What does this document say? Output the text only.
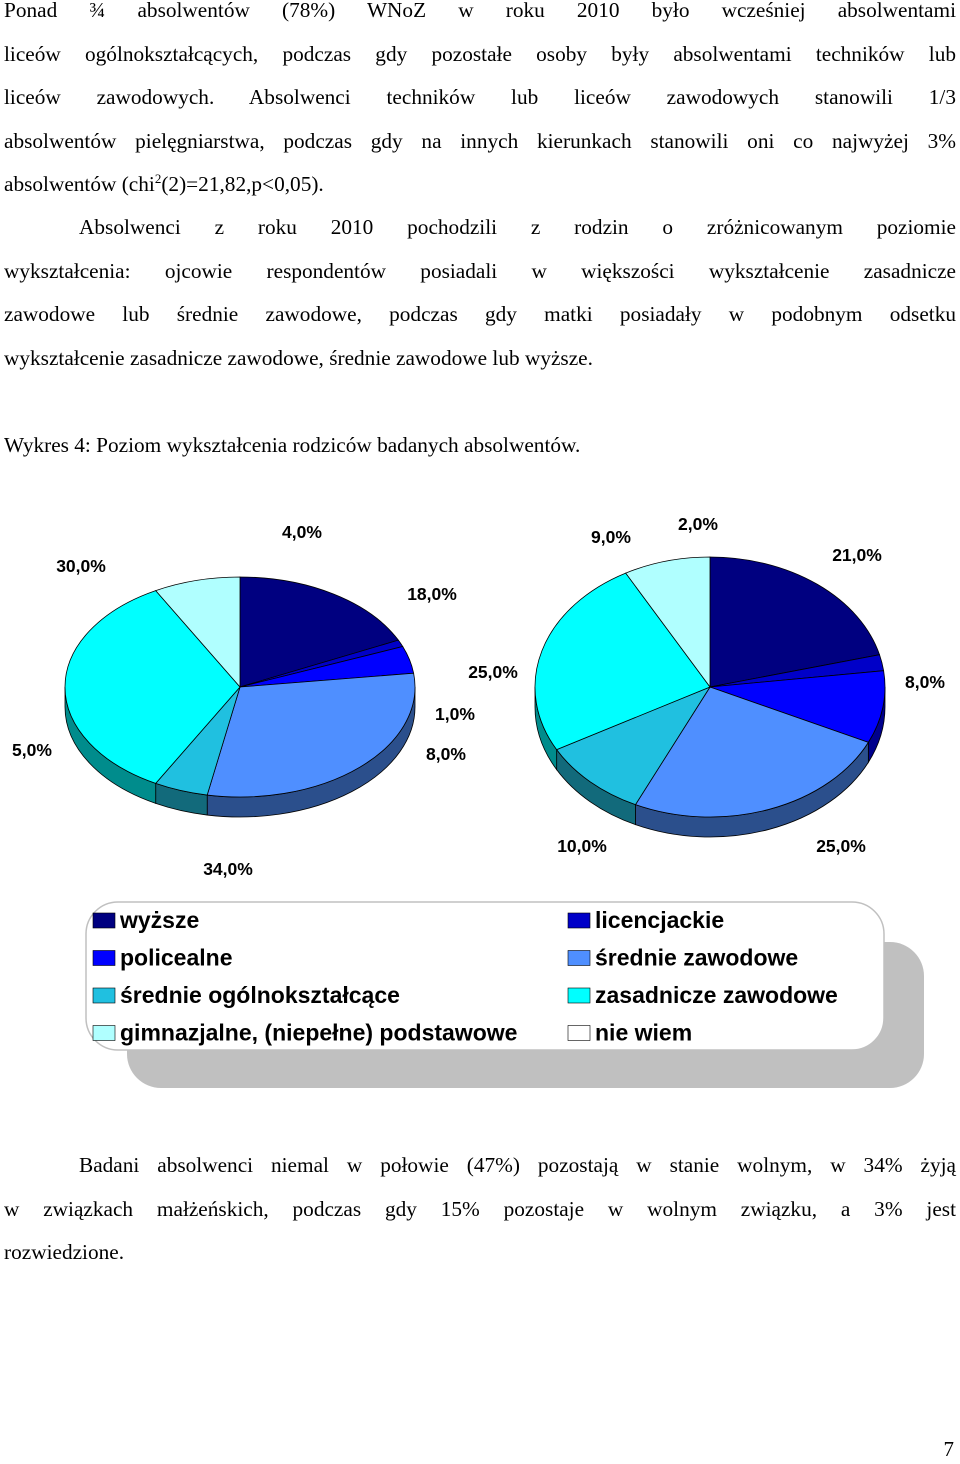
Ponad ¾ absolwentów (78%) WNoZ w roku 2010 było wcześniej absolwentami
liceów ogólnokształcących, podczas gdy pozostałe osoby były absolwentami techników lub
liceów zawodowych. Absolwenci techników lub liceów zawodowych stanowili 1/3
absolwentów pielęgniarstwa, podczas gdy na innych kierunkach stanowili oni co najwyżej 3%
absolwentów (chi$^2$(2)=21,82,p<0,05).
Absolwenci z roku 2010 pochodzili z rodzin o zróżnicowanym poziomie
wykształcenia: ojcowie respondentów posiadali w większości wykształcenie zasadnicze
zawodowe lub średnie zawodowe, podczas gdy matki posiadały w podobnym odsetku
wykształcenie zasadnicze zawodowe, średnie zawodowe lub wyższe.

Wykres 4: Poziom wykształcenia rodziców badanych absolwentów.

18,0%
1,0%
4,0%
30,0%
5,0%
34,0%
8,0%
21,0%
2,0%
9,0%
25,0%
10,0%	25,0%
8,0%
wyższe	licencjackie
policealne	średnie zawodowe
średnie ogólnokształcące	zasadnicze zawodowe
gimnazjalne, (niepełne) podstawowe	nie wiem
Badani absolwenci niemal w połowie (47%) pozostają w stanie wolnym, w 34% żyją
w związkach małżeńskich, podczas gdy 15% pozostaje w wolnym związku, a 3% jest
rozwiedzione.
7
